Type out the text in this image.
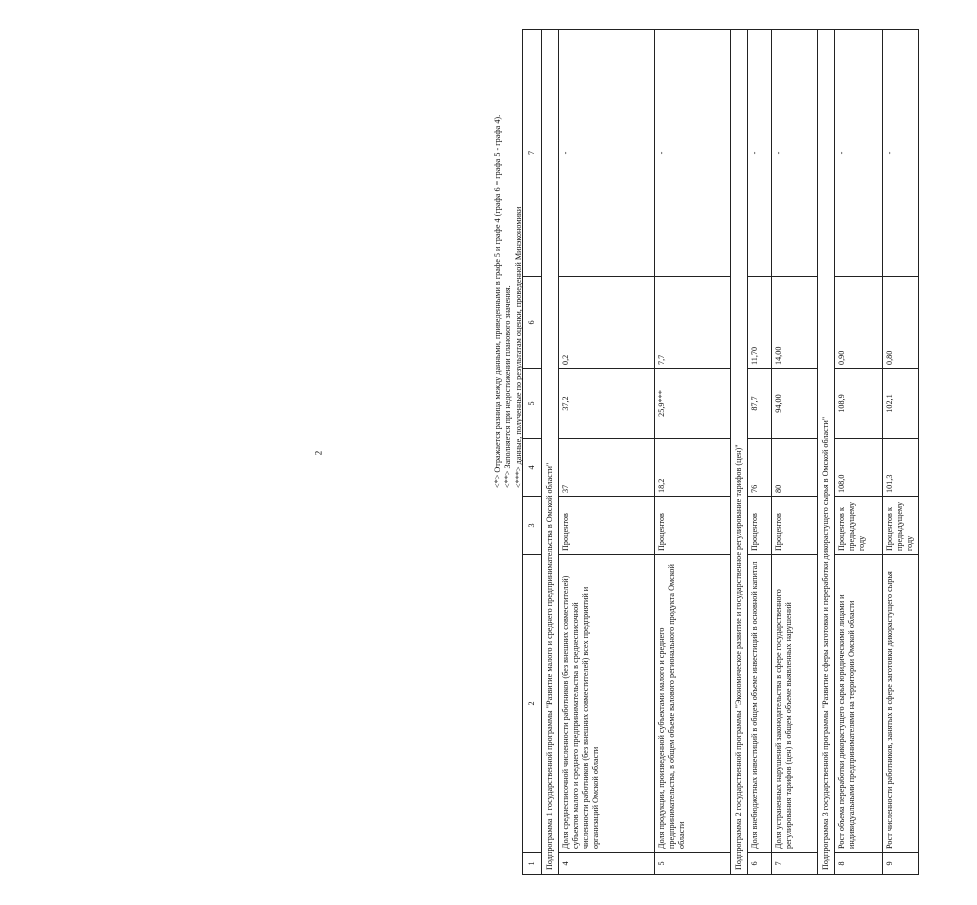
2
1	2	3	4	5	6	7
Подпрограмма 1 государственной программы "Развитие малого и среднего предпринимательства в Омской области"						
4	Доля среднесписочной численности работников (без внешних совместителей) субъектов малого и среднего предпринимательства в среднесписочной численности работников (без внешних совместителей) всех предприятий и организаций Омской области	Процентов	37	37,2	0,2	-
5	Доля продукции, произведенной субъектами малого и среднего предпринимательства, в общем объеме валового регионального продукта Омской области	Процентов	18,2	25,9***	7,7	-
Подпрограмма 2 государственной программы "Экономическое развитие и государственное регулирование тарифов (цен)"						
6	Доля внебюджетных инвестиций в общем объеме инвестиций в основной капитал	Процентов	76	87,7	11,70	-
7	Доля устраненных нарушений законодательства в сфере государственного регулирования тарифов (цен) в общем объеме выявленных нарушений	Процентов	80	94,00	14,00	-
Подпрограмма 3 государственной программы "Развитие сферы заготовки и переработки дикорастущего сырья в Омской области"						
8	Рост объема переработки дикорастущего сырья юридическими лицами и индивидуальными предпринимателями на территории Омской области	Процентов к предыдущему году	108,0	108,9	0,90	-
9	Рост численности работников, занятых в сфере заготовки дикорастущего сырья	Процентов к предыдущему году	101,3	102,1	0,80	-

<*> Отражается разница между данными, приведенными в графе 5 и графе 4 (графа 6 = графа 5 - графа 4). <**> Заполняется при недостижении планового значения. <***> данные, полученные по результатам оценки, проведенной Минэкономики
